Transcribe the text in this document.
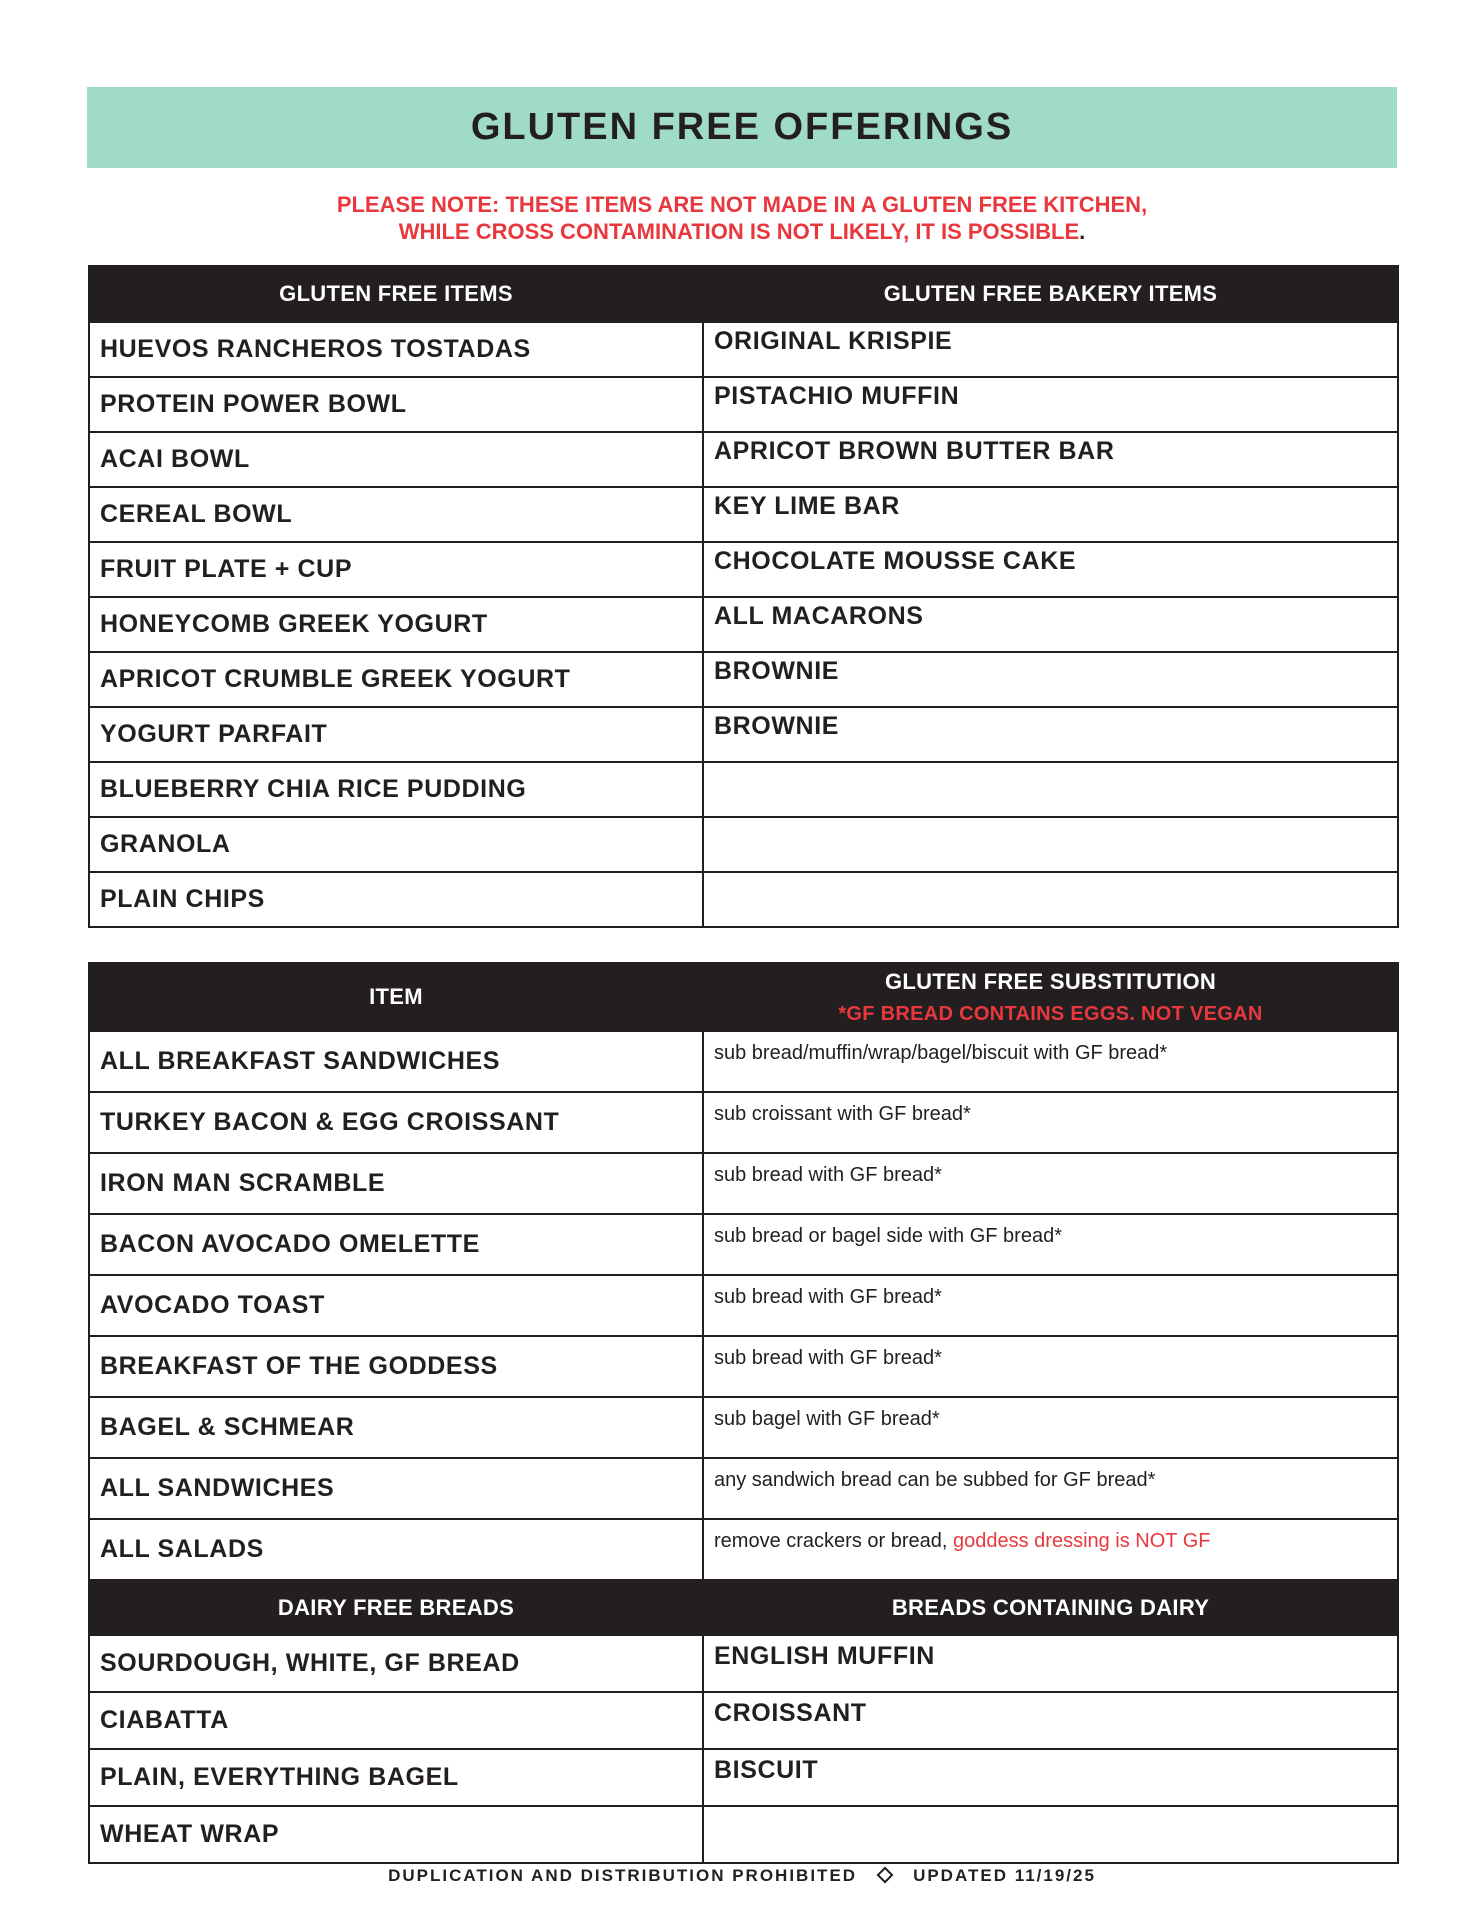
GLUTEN FREE OFFERINGS
PLEASE NOTE: THESE ITEMS ARE NOT MADE IN A GLUTEN FREE KITCHEN,
WHILE CROSS CONTAMINATION IS NOT LIKELY, IT IS POSSIBLE.
GLUTEN FREE ITEMS	GLUTEN FREE BAKERY ITEMS
HUEVOS RANCHEROS TOSTADAS	ORIGINAL KRISPIE
PROTEIN POWER BOWL	PISTACHIO MUFFIN
ACAI BOWL	APRICOT BROWN BUTTER BAR
CEREAL BOWL	KEY LIME BAR
FRUIT PLATE + CUP	CHOCOLATE MOUSSE CAKE
HONEYCOMB GREEK YOGURT	ALL MACARONS
APRICOT CRUMBLE GREEK YOGURT	BROWNIE
YOGURT PARFAIT	BROWNIE
BLUEBERRY CHIA RICE PUDDING	
GRANOLA	
PLAIN CHIPS	
ITEM	GLUTEN FREE SUBSTITUTION
*GF BREAD CONTAINS EGGS. NOT VEGAN

ALL BREAKFAST SANDWICHES	sub bread/muffin/wrap/bagel/biscuit with GF bread*
TURKEY BACON & EGG CROISSANT	sub croissant with GF bread*
IRON MAN SCRAMBLE	sub bread with GF bread*
BACON AVOCADO OMELETTE	sub bread or bagel side with GF bread*
AVOCADO TOAST	sub bread with GF bread*
BREAKFAST OF THE GODDESS	sub bread with GF bread*
BAGEL & SCHMEAR	sub bagel with GF bread*
ALL SANDWICHES	any sandwich bread can be subbed for GF bread*
ALL SALADS	remove crackers or bread, goddess dressing is NOT GF
DAIRY FREE BREADS	BREADS CONTAINING DAIRY
SOURDOUGH, WHITE, GF BREAD	ENGLISH MUFFIN
CIABATTA	CROISSANT
PLAIN, EVERYTHING BAGEL	BISCUIT
WHEAT WRAP	
DUPLICATION AND DISTRIBUTION PROHIBITED	UPDATED 11/19/25
